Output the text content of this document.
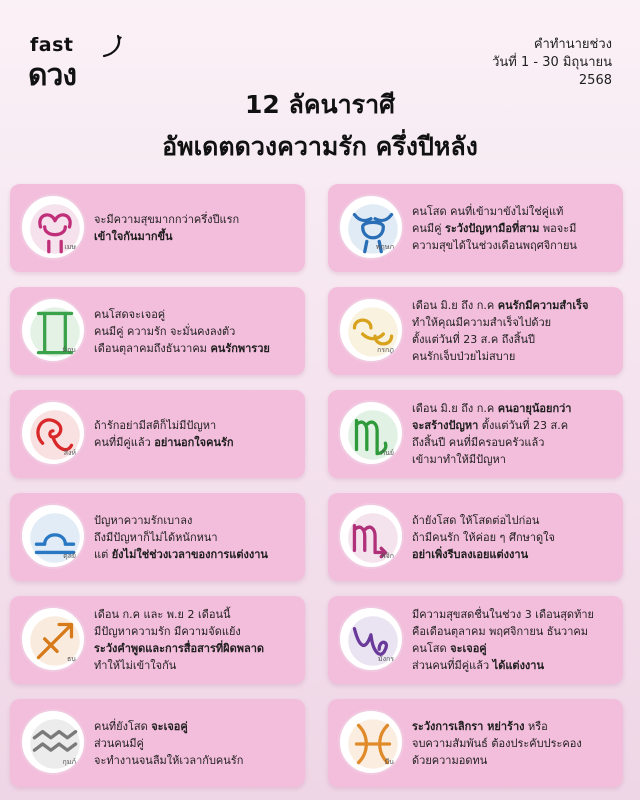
fast
ดวง
คำทำนายช่วง
วันที่ 1 - 30 มิถุนายน
2568
12 ลัคนาราศี
อัพเดตดวงความรัก ครึ่งปีหลัง
เมษ
จะมีความสุขมากกว่าครึ่งปีแรก
เข้าใจกันมากขึ้น
พฤษภ
คนโสด คนที่เข้ามาขังไม่ใช่คู่แท้
คนมีคู่ ระวังปัญหามือที่สาม พอจะมี
ความสุขได้ในช่วงเดือนพฤศจิกายน
มิถุน
คนโสดจะเจอคู่
คนมีคู่ ความรัก จะมั่นคงลงตัว
เดือนตุลาคมถึงธันวาคม คนรักพารวย	กรกฎ
เดือน มิ.ย ถึง ก.ค คนรักมีความสำเร็จ
ทำให้คุณมีความสำเร็จไปด้วย
ตั้งแต่วันที่ 23 ส.ค ถึงสิ้นปี
คนรักเจ็บป่วยไม่สบาย
สิงห์
ถ้ารักอย่ามีสติก็ไม่มีปัญหา
คนที่มีคู่แล้ว อย่านอกใจคนรัก
กันย์
เดือน มิ.ย ถึง ก.ค คนอายุน้อยกว่า
จะสร้างปัญหา ตั้งแต่วันที่ 23 ส.ค
ถึงสิ้นปี คนที่มีครอบครัวแล้ว
เข้ามาทำให้มีปัญหา
ตุลย์
ปัญหาความรักเบาลง
ถึงมีปัญหาก็ไม่ได้หนักหนา
แต่ ยังไม่ใช่ช่วงเวลาของการแต่งงาน	พิจิก
ถ้ายังโสด ให้โสดต่อไปก่อน
ถ้ามีคนรัก ให้ค่อย ๆ ศึกษาดูใจ
อย่าเพิ่งรีบลงเอยแต่งงาน
ธนู
เดือน ก.ค และ พ.ย 2 เดือนนี้
มีปัญหาความรัก มีความจัดแย้ง
ระวังคำพูดและการสื่อสารที่ผิดพลาด
ทำให้ไม่เข้าใจกัน	มังกร
มีความสุขสดชื่นในช่วง 3 เดือนสุดท้าย
คือเดือนตุลาคม พฤศจิกายน ธันวาคม
คนโสด จะเจอคู่
ส่วนคนที่มีคู่แล้ว ได้แต่งงาน
กุมภ์
คนที่ยังโสด จะเจอคู่
ส่วนคนมีคู่
จะทำงานจนลืมให้เวลากับคนรัก	มีน
ระวังการเลิกรา หย่าร้าง หรือ
จบความสัมพันธ์ ต้องประคับประคอง
ด้วยความอดทน
